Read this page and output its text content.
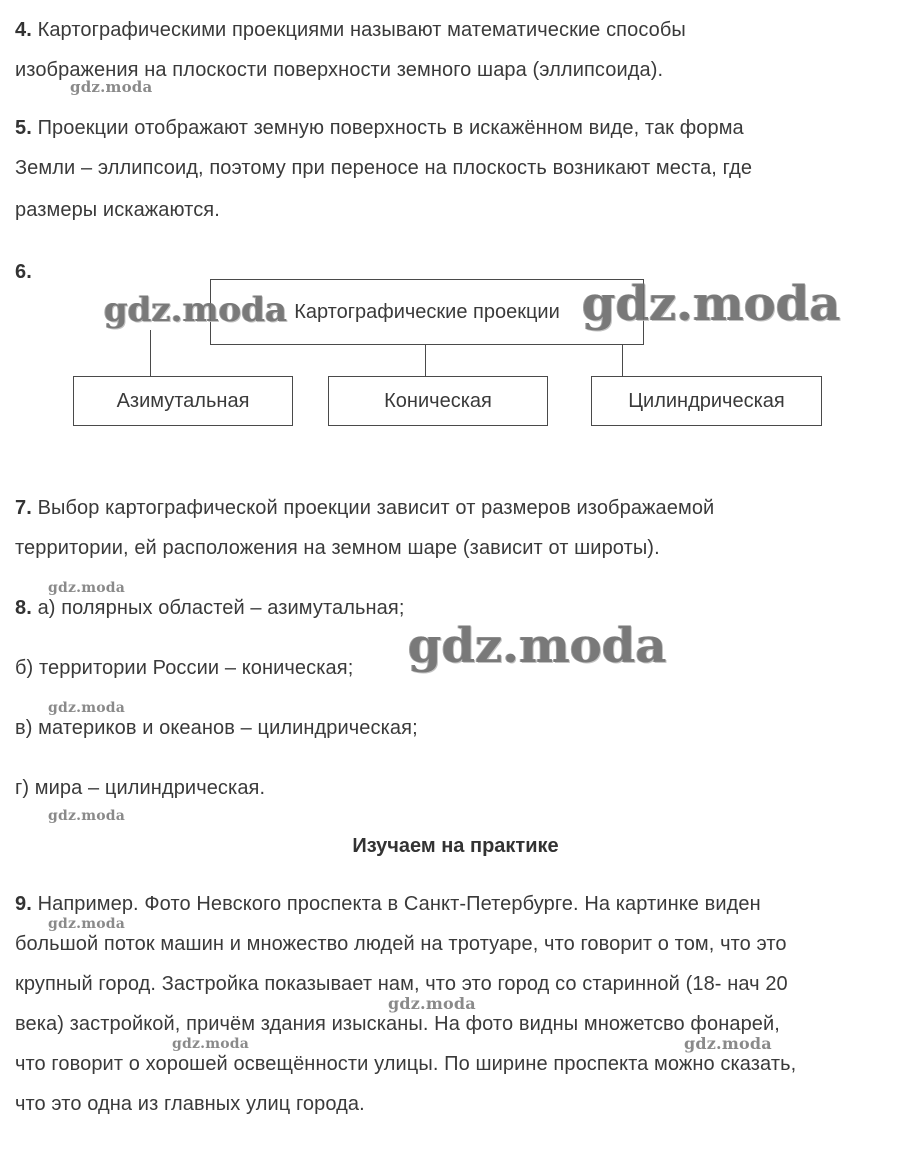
4. Картографическими проекциями называют математические способы
изображения на плоскости поверхности земного шара (эллипсоида).
5. Проекции отображают земную поверхность в искажённом виде, так форма
Земли – эллипсоид, поэтому при переносе на плоскость возникают места, где
размеры искажаются.
6.
Картографические проекции
Азимутальная	Коническая	Цилиндрическая
7. Выбор картографической проекции зависит от размеров изображаемой
территории, ей расположения на земном шаре (зависит от широты).
8. а) полярных областей – азимутальная;
б) территории России – коническая;
в) материков и океанов – цилиндрическая;
г) мира – цилиндрическая.
Изучаем на практике
9. Например. Фото Невского проспекта в Санкт-Петербурге. На картинке виден
большой поток машин и множество людей на тротуаре, что говорит о том, что это
крупный город. Застройка показывает нам, что это город со старинной (18- нач 20
века) застройкой, причём здания изысканы. На фото видны множетсво фонарей,
что говорит о хорошей освещённости улицы. По ширине проспекта можно сказать,
что это одна из главных улиц города.
gdz.moda
gdz.moda	gdz.moda
gdz.moda
gdz.moda
gdz.moda
gdz.moda
gdz.moda
gdz.moda
gdz.moda	gdz.moda
